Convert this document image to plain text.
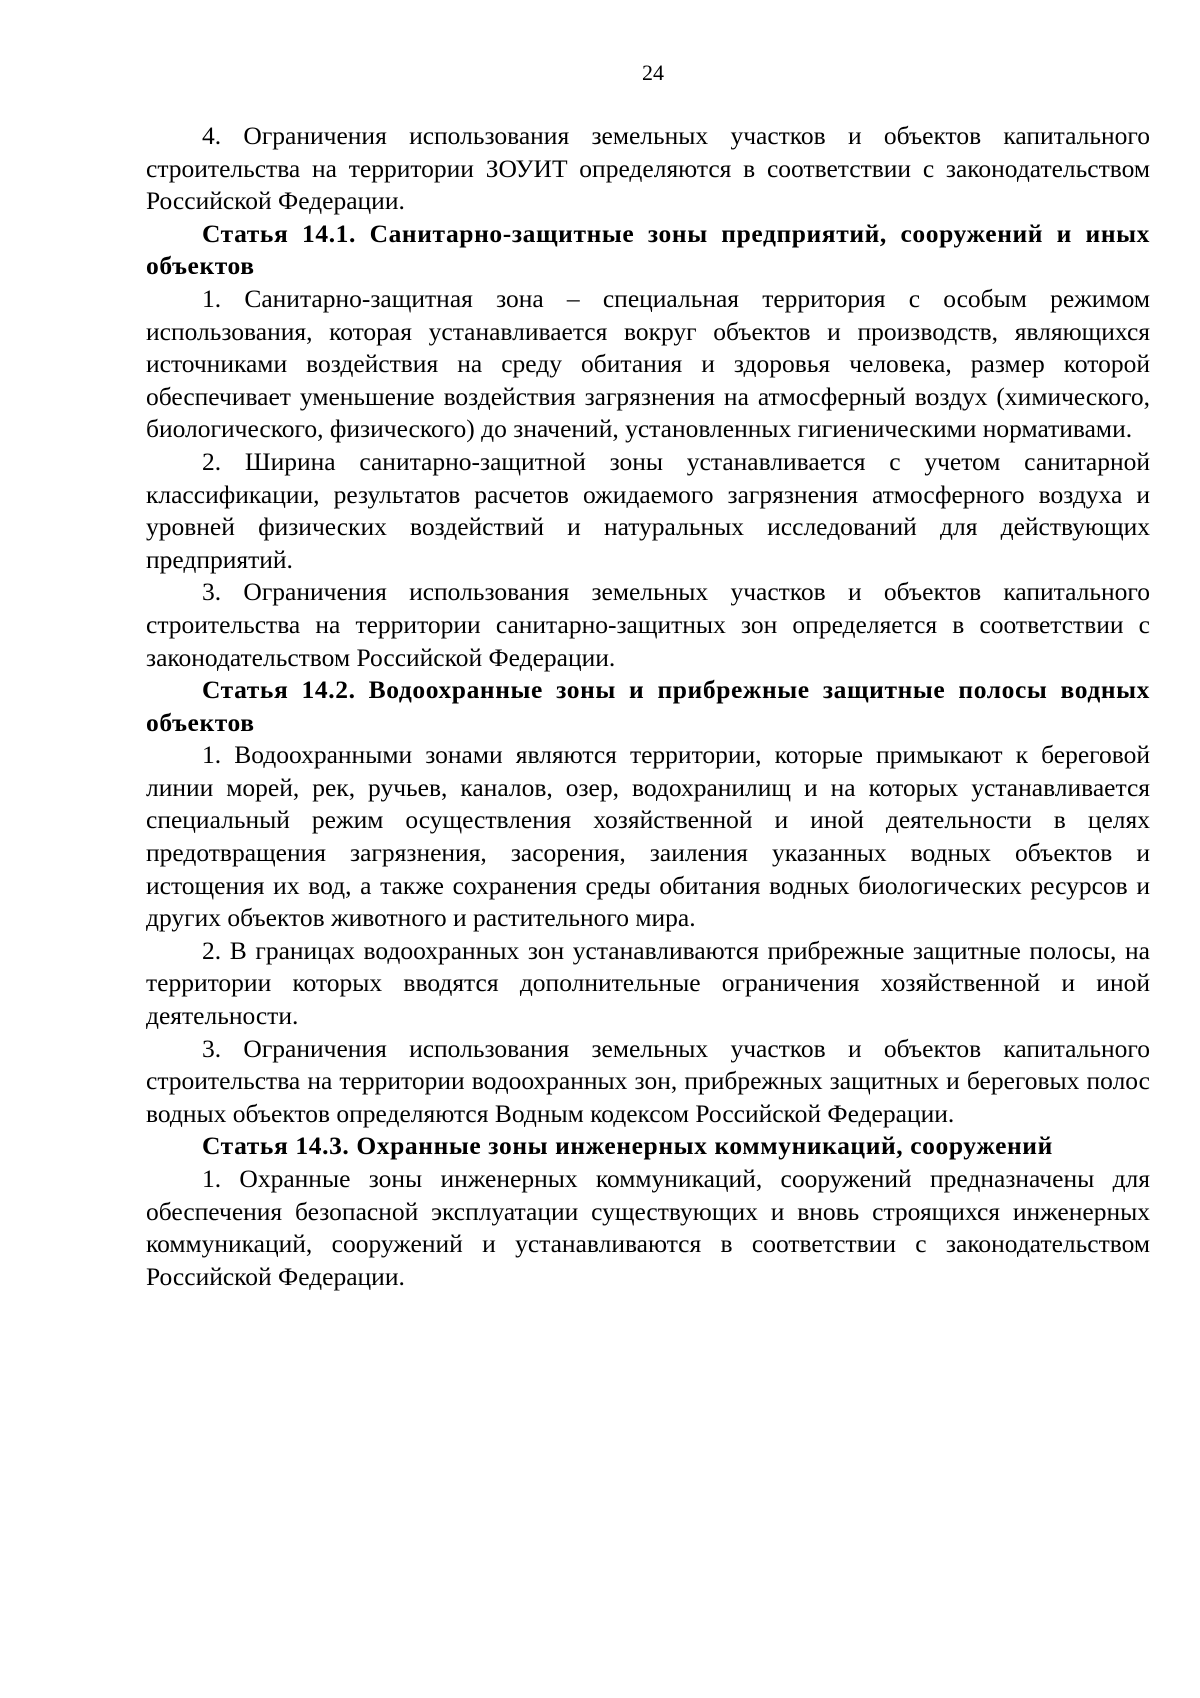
24

4. Ограничения использования земельных участков и объектов капитального строительства на территории ЗОУИТ определяются в соответствии с законодательством Российской Федерации.

Статья 14.1. Санитарно-защитные зоны предприятий, сооружений и иных объектов

1. Санитарно-защитная зона – специальная территория с особым режимом использования, которая устанавливается вокруг объектов и производств, являющихся источниками воздействия на среду обитания и здоровья человека, размер которой обеспечивает уменьшение воздействия загрязнения на атмосферный воздух (химического, биологического, физического) до значений, установленных гигиеническими нормативами.

2. Ширина санитарно-защитной зоны устанавливается с учетом санитарной классификации, результатов расчетов ожидаемого загрязнения атмосферного воздуха и уровней физических воздействий и натуральных исследований для действующих предприятий.

3. Ограничения использования земельных участков и объектов капитального строительства на территории санитарно-защитных зон определяется в соответствии с законодательством Российской Федерации.

Статья 14.2. Водоохранные зоны и прибрежные защитные полосы водных объектов

1. Водоохранными зонами являются территории, которые примыкают к береговой линии морей, рек, ручьев, каналов, озер, водохранилищ и на которых устанавливается специальный режим осуществления хозяйственной и иной деятельности в целях предотвращения загрязнения, засорения, заиления указанных водных объектов и истощения их вод, а также сохранения среды обитания водных биологических ресурсов и других объектов животного и растительного мира.

2. В границах водоохранных зон устанавливаются прибрежные защитные полосы, на территории которых вводятся дополнительные ограничения хозяйственной и иной деятельности.

3. Ограничения использования земельных участков и объектов капитального строительства на территории водоохранных зон, прибрежных защитных и береговых полос водных объектов определяются Водным кодексом Российской Федерации.

Статья 14.3. Охранные зоны инженерных коммуникаций, сооружений

1. Охранные зоны инженерных коммуникаций, сооружений предназначены для обеспечения безопасной эксплуатации существующих и вновь строящихся инженерных коммуникаций, сооружений и устанавливаются в соответствии с законодательством Российской Федерации.
